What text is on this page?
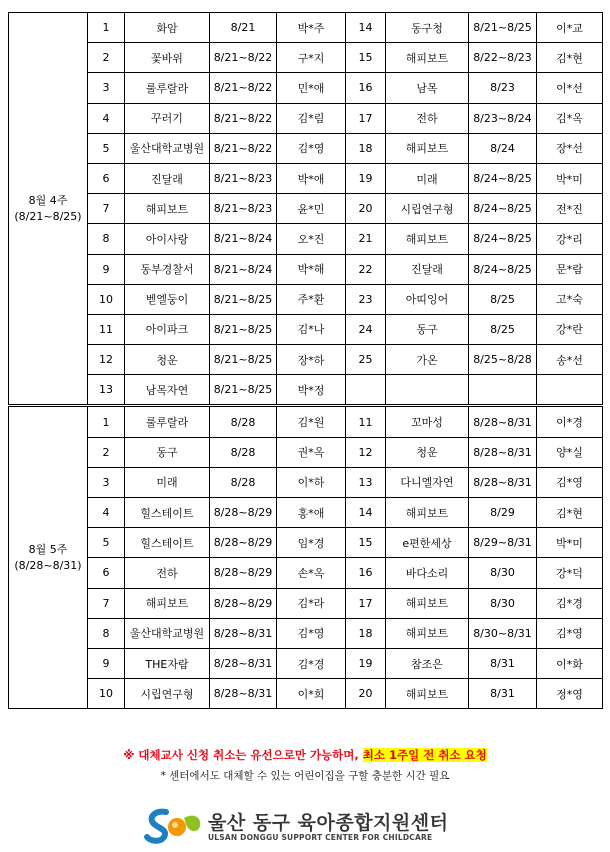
8월 4주
(8/21~8/25)	1	화암	8/21	박*주	14	동구청	8/21~8/25	이*교
	2	꽃바위	8/21~8/22	구*지	15	해피보트	8/22~8/23	김*현
	3	룰루랄라	8/21~8/22	민*애	16	남목	8/23	이*선
	4	꾸러기	8/21~8/22	김*림	17	전하	8/23~8/24	김*옥
	5	울산대학교병원	8/21~8/22	김*영	18	해피보트	8/24	장*선
	6	진달래	8/21~8/23	박*애	19	미래	8/24~8/25	박*미
	7	해피보트	8/21~8/23	윤*민	20	시립연구형	8/24~8/25	전*진
	8	아이사랑	8/21~8/24	오*진	21	해피보트	8/24~8/25	강*리
	9	동부경찰서	8/21~8/24	박*해	22	진달래	8/24~8/25	문*람
	10	벧엘둥이	8/21~8/25	주*환	23	아띠잉어	8/25	고*숙
	11	아이파크	8/21~8/25	김*나	24	동구	8/25	강*란
	12	청운	8/21~8/25	장*하	25	가온	8/25~8/28	송*선
	13	남목자연	8/21~8/25	박*정				

8월 5주
(8/28~8/31)	1	룰루랄라	8/28	김*원	11	꼬마성	8/28~8/31	이*경
	2	동구	8/28	권*옥	12	청운	8/28~8/31	양*실
	3	미래	8/28	이*하	13	다니엘자연	8/28~8/31	김*영
	4	힐스테이트	8/28~8/29	홍*애	14	해피보트	8/29	김*현
	5	힐스테이트	8/28~8/29	임*경	15	e편한세상	8/29~8/31	박*미
	6	전하	8/28~8/29	손*옥	16	바다소리	8/30	강*덕
	7	해피보트	8/28~8/29	김*라	17	해피보트	8/30	김*경
	8	울산대학교병원	8/28~8/31	김*영	18	해피보트	8/30~8/31	김*영
	9	THE자람	8/28~8/31	김*경	19	참조은	8/31	이*화
	10	시립연구형	8/28~8/31	이*희	20	해피보트	8/31	정*영
※ 대체교사 신청 취소는 유선으로만 가능하며, 최소 1주일 전 취소 요청
* 센터에서도 대체할 수 있는 어린이집을 구할 충분한 시간 필요
울산 동구 육아종합지원센터
ULSAN DONGGU SUPPORT CENTER FOR CHILDCARE
